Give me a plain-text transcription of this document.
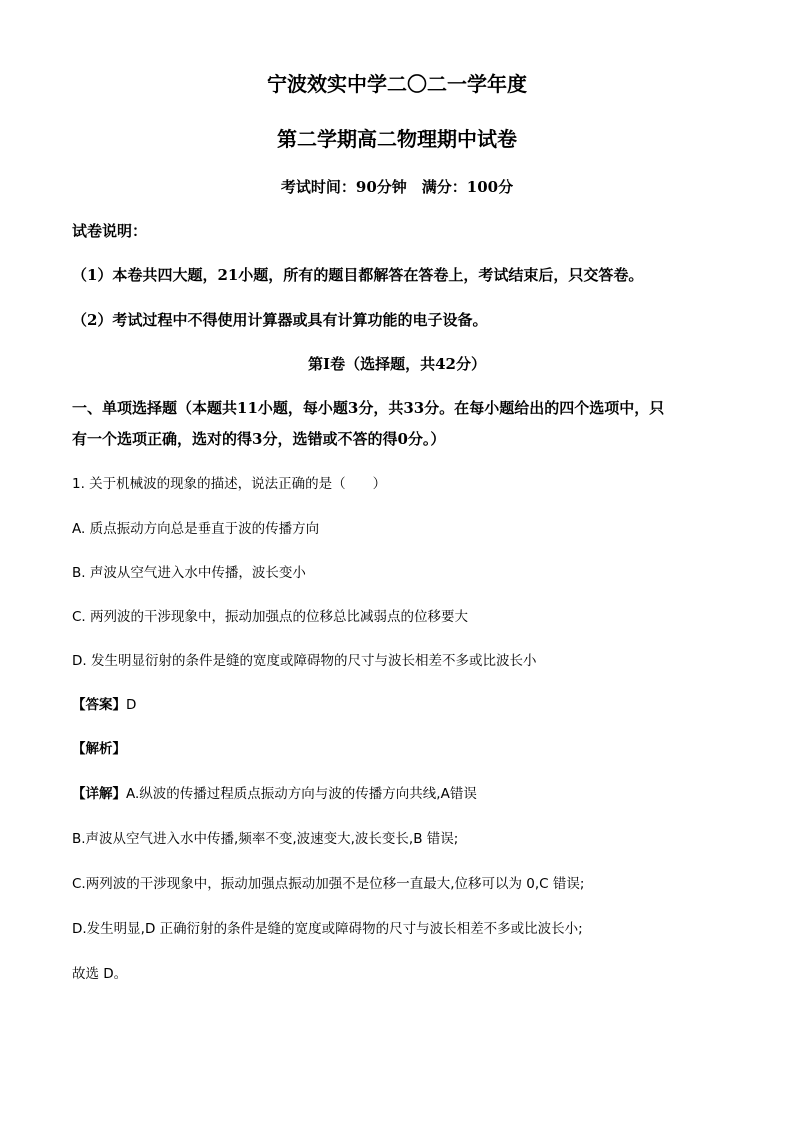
宁波效实中学二〇二一学年度
第二学期高二物理期中试卷
考试时间：90分钟　满分：100分
试卷说明：
（1）本卷共四大题，21小题，所有的题目都解答在答卷上，考试结束后，只交答卷。
（2）考试过程中不得使用计算器或具有计算功能的电子设备。
第Ⅰ卷（选择题，共42分）
一、单项选择题（本题共11小题，每小题3分，共33分。在每小题给出的四个选项中，只
有一个选项正确，选对的得3分，选错或不答的得0分。）
1. 关于机械波的现象的描述，说法正确的是（　　）
A. 质点振动方向总是垂直于波的传播方向
B. 声波从空气进入水中传播，波长变小
C. 两列波的干涉现象中，振动加强点的位移总比减弱点的位移要大
D. 发生明显衍射的条件是缝的宽度或障碍物的尺寸与波长相差不多或比波长小
【答案】D
【解析】
【详解】A.纵波的传播过程质点振动方向与波的传播方向共线,A错误
B.声波从空气进入水中传播,频率不变,波速变大,波长变长,B 错误;
C.两列波的干涉现象中，振动加强点振动加强不是位移一直最大,位移可以为 0,C 错误;
D.发生明显,D 正确衍射的条件是缝的宽度或障碍物的尺寸与波长相差不多或比波长小;
故选 D。
